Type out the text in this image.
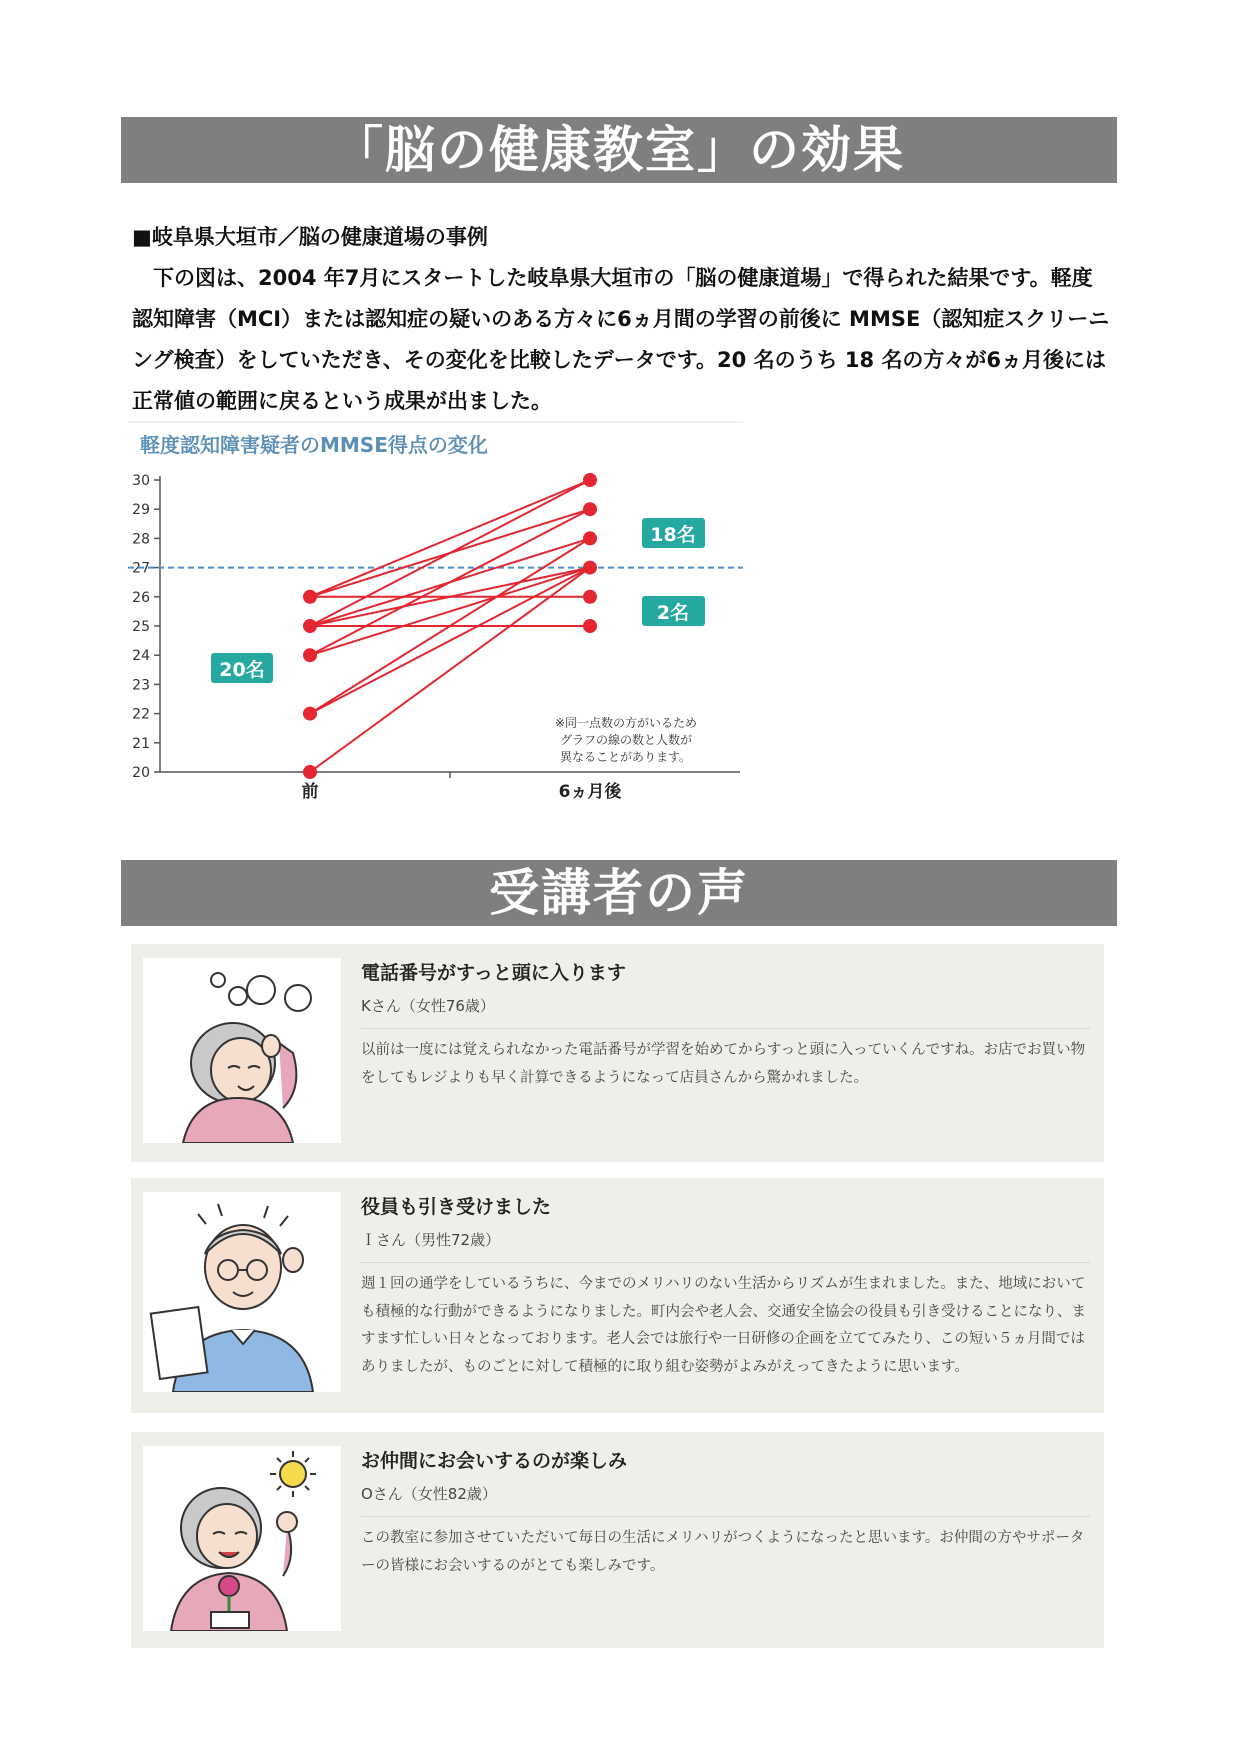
「脳の健康教室」の効果
■岐阜県大垣市／脳の健康道場の事例
下の図は、2004 年7月にスタートした岐阜県大垣市の「脳の健康道場」で得られた結果です。軽度認知障害（MCI）または認知症の疑いのある方々に6ヵ月間の学習の前後に MMSE（認知症スクリーニング検査）をしていただき、その変化を比較したデータです。20 名のうち 18 名の方々が6ヵ月後には正常値の範囲に戻るという成果が出ました。
軽度認知障害疑者のMMSE得点の変化
20
21
22
23
24
25
26
27
28
29
30
前	6ヵ月後
20名
18名
2名
※同一点数の方がいるため
グラフの線の数と人数が
異なることがあります。
受講者の声
電話番号がすっと頭に入ります
Kさん（女性76歳）
以前は一度には覚えられなかった電話番号が学習を始めてからすっと頭に入っていくんですね。お店でお買い物をしてもレジよりも早く計算できるようになって店員さんから驚かれました。
役員も引き受けました
Ｉさん（男性72歳）
週１回の通学をしているうちに、今までのメリハリのない生活からリズムが生まれました。また、地域においても積極的な行動ができるようになりました。町内会や老人会、交通安全協会の役員も引き受けることになり、ますます忙しい日々となっております。老人会では旅行や一日研修の企画を立ててみたり、この短い５ヵ月間ではありましたが、ものごとに対して積極的に取り組む姿勢がよみがえってきたように思います。
お仲間にお会いするのが楽しみ
Oさん（女性82歳）
この教室に参加させていただいて毎日の生活にメリハリがつくようになったと思います。お仲間の方やサポーターの皆様にお会いするのがとても楽しみです。
